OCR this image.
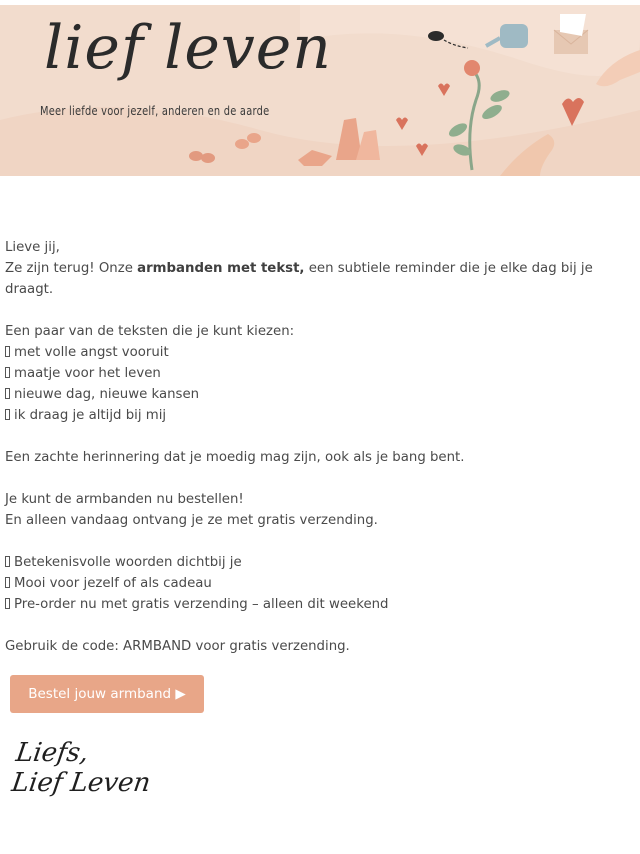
lief leven
Meer liefde voor jezelf, anderen en de aarde

Lieve jij,

Ze zijn terug! Onze armbanden met tekst, een subtiele reminder die je elke dag bij je draagt.

Een paar van de teksten die je kunt kiezen:

met volle angst vooruit

maatje voor het leven

nieuwe dag, nieuwe kansen

ik draag je altijd bij mij

Een zachte herinnering dat je moedig mag zijn, ook als je bang bent.

Je kunt de armbanden nu bestellen!

En alleen vandaag ontvang je ze met gratis verzending.

Betekenisvolle woorden dichtbij je

Mooi voor jezelf of als cadeau

Pre-order nu met gratis verzending – alleen dit weekend

Gebruik de code: ARMBAND voor gratis verzending.

Bestel jouw armband ▶
Liefs,
Lief Leven
